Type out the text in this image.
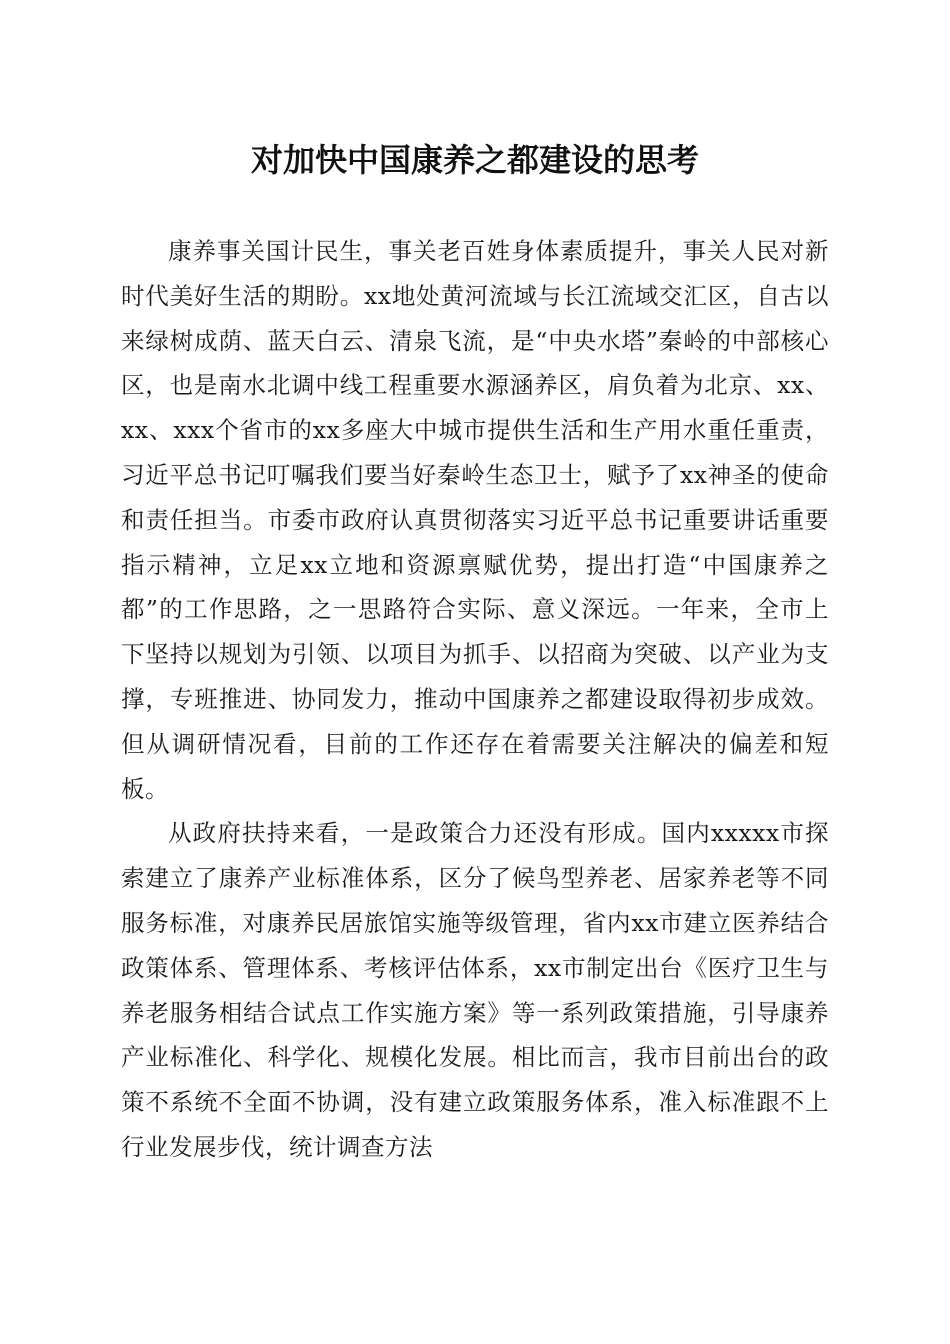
对加快中国康养之都建设的思考

康养事关国计民生，事关老百姓身体素质提升，事关人民对新时代美好生活的期盼。xx地处黄河流域与长江流域交汇区，自古以来绿树成荫、蓝天白云、清泉飞流，是“中央水塔”秦岭的中部核心区，也是南水北调中线工程重要水源涵养区，肩负着为北京、xx、xx、xxx个省市的xx多座大中城市提供生活和生产用水重任重责，习近平总书记叮嘱我们要当好秦岭生态卫士，赋予了xx神圣的使命和责任担当。市委市政府认真贯彻落实习近平总书记重要讲话重要指示精神，立足xx立地和资源禀赋优势，提出打造“中国康养之都”的工作思路，之一思路符合实际、意义深远。一年来，全市上下坚持以规划为引领、以项目为抓手、以招商为突破、以产业为支撑，专班推进、协同发力，推动中国康养之都建设取得初步成效。但从调研情况看，目前的工作还存在着需要关注解决的偏差和短板。

从政府扶持来看，一是政策合力还没有形成。国内xxxxx市探索建立了康养产业标准体系，区分了候鸟型养老、居家养老等不同服务标准，对康养民居旅馆实施等级管理，省内xx市建立医养结合政策体系、管理体系、考核评估体系，xx市制定出台《医疗卫生与养老服务相结合试点工作实施方案》等一系列政策措施，引导康养产业标准化、科学化、规模化发展。相比而言，我市目前出台的政策不系统不全面不协调，没有建立政策服务体系，准入标准跟不上行业发展步伐，统计调查方法
